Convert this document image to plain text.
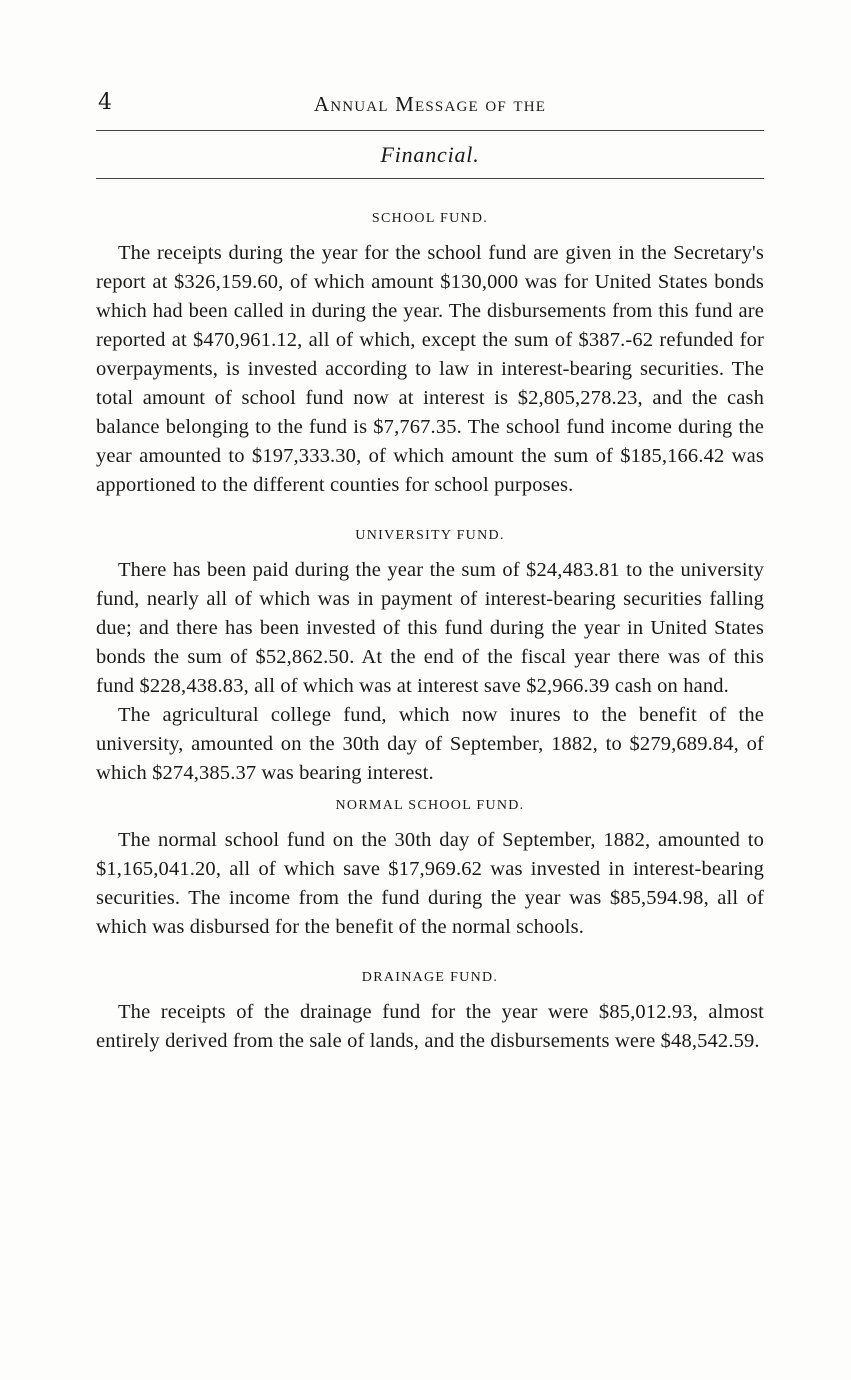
4	Annual Message of the
Financial.
SCHOOL FUND.

The receipts during the year for the school fund are given in the Secretary's report at $326,159.60, of which amount $130,000 was for United States bonds which had been called in during the year. The disbursements from this fund are reported at $470,961.12, all of which, except the sum of $387.-62 refunded for overpayments, is invested according to law in interest-bearing securities. The total amount of school fund now at interest is $2,805,278.23, and the cash balance belonging to the fund is $7,767.35. The school fund income during the year amounted to $197,333.30, of which amount the sum of $185,166.42 was apportioned to the different counties for school purposes.

UNIVERSITY FUND.

There has been paid during the year the sum of $24,483.81 to the university fund, nearly all of which was in payment of interest-bearing securities falling due; and there has been invested of this fund during the year in United States bonds the sum of $52,862.50. At the end of the fiscal year there was of this fund $228,438.83, all of which was at interest save $2,966.39 cash on hand.

The agricultural college fund, which now inures to the benefit of the university, amounted on the 30th day of September, 1882, to $279,689.84, of which $274,385.37 was bearing interest.

NORMAL SCHOOL FUND.

The normal school fund on the 30th day of September, 1882, amounted to $1,165,041.20, all of which save $17,969.62 was invested in interest-bearing securities. The income from the fund during the year was $85,594.98, all of which was disbursed for the benefit of the normal schools.

DRAINAGE FUND.

The receipts of the drainage fund for the year were $85,012.93, almost entirely derived from the sale of lands, and the disbursements were $48,542.59.
